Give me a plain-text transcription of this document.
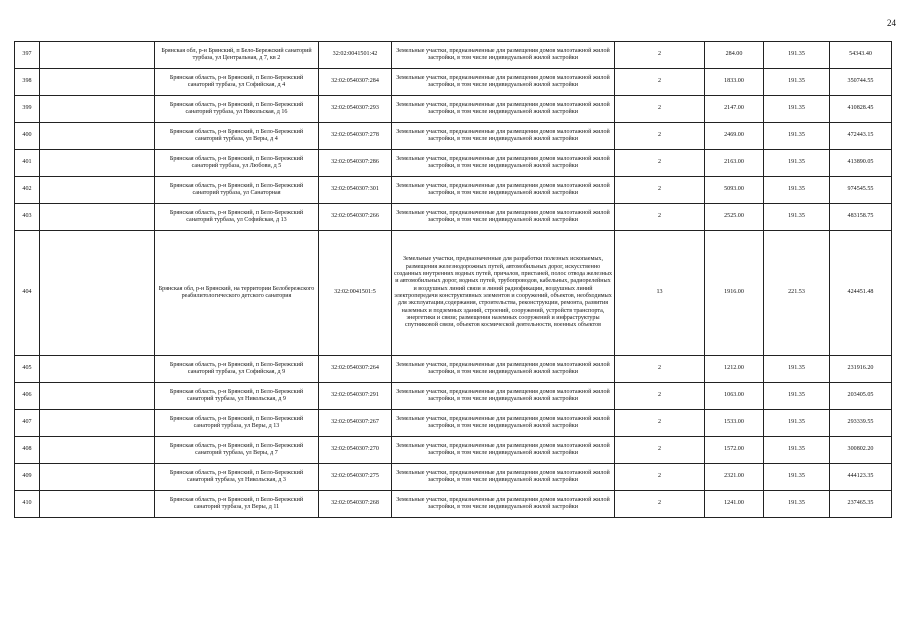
24
397		Брянская обл, р-н Брянский, п Бело-Бережский санаторий турбаза, ул Центральная, д 7, кв 2	32:02:0041501:42	Земельные участки, предназначенные для размещения домов малоэтажной жилой застройки, в том числе индивидуальной жилой застройки	2	284.00	191.35	54343.40
398		Брянская область, р-н Брянский, п Бело-Бережский санаторий турбаза, ул Софийская, д 4	32:02:0540307:284	Земельные участки, предназначенные для размещения домов малоэтажной жилой застройки, в том числе индивидуальной жилой застройки	2	1833.00	191.35	350744.55
399		Брянская область, р-н Брянский, п Бело-Бережский санаторий турбаза, ул Никольская, д 16	32:02:0540307:293	Земельные участки, предназначенные для размещения домов малоэтажной жилой застройки, в том числе индивидуальной жилой застройки	2	2147.00	191.35	410828.45
400		Брянская область, р-н Брянский, п Бело-Бережский санаторий турбаза, ул Веры, д 4	32:02:0540307:278	Земельные участки, предназначенные для размещения домов малоэтажной жилой застройки, в том числе индивидуальной жилой застройки	2	2469.00	191.35	472443.15
401		Брянская область, р-н Брянский, п Бело-Бережский санаторий турбаза, ул Любови, д 5	32:02:0540307:286	Земельные участки, предназначенные для размещения домов малоэтажной жилой застройки, в том числе индивидуальной жилой застройки	2	2163.00	191.35	413890.05
402		Брянская область, р-н Брянский, п Бело-Бережский санаторий турбаза, ул Санаторная	32:02:0540307:301	Земельные участки, предназначенные для размещения домов малоэтажной жилой застройки, в том числе индивидуальной жилой застройки	2	5093.00	191.35	974545.55
403		Брянская область, р-н Брянский, п Бело-Бережский санаторий турбаза, ул Софийская, д 13	32:02:0540307:266	Земельные участки, предназначенные для размещения домов малоэтажной жилой застройки, в том числе индивидуальной жилой застройки	2	2525.00	191.35	483158.75
404		Брянская обл, р-н Брянский, на территории Белобережского реабилитологического детского санатория	32:02:0041501:5	Земельные участки, предназначенные для разработки полезных ископаемых, размещения железнодорожных путей, автомобильных дорог, искусственно созданных внутренних водных путей, причалов, пристаней, полос отвода железных и автомобильных дорог, водных путей, трубопроводов, кабельных, радиорелейных и воздушных линий связи и линий радиофикации, воздушных линий электропередачи конструктивных элементов и сооружений, объектов, необходимых для эксплуатации,содержания, строительства, реконструкции, ремонта, развития наземных и подземных зданий, строений, сооружений, устройств транспорта, энергетики и связи; размещения наземных сооружений и инфраструктуры спутниковой связи, объектов космической деятельности, военных объектов	13	1916.00	221.53	424451.48
405		Брянская область, р-н Брянский, п Бело-Бережский санаторий турбаза, ул Софийская, д 9	32:02:0540307:264	Земельные участки, предназначенные для размещения домов малоэтажной жилой застройки, в том числе индивидуальной жилой застройки	2	1212.00	191.35	231916.20
406		Брянская область, р-н Брянский, п Бело-Бережский санаторий турбаза, ул Никольская, д 9	32:02:0540307:291	Земельные участки, предназначенные для размещения домов малоэтажной жилой застройки, в том числе индивидуальной жилой застройки	2	1063.00	191.35	203405.05
407		Брянская область, р-н Брянский, п Бело-Бережский санаторий турбаза, ул Веры, д 13	32:02:0540307:267	Земельные участки, предназначенные для размещения домов малоэтажной жилой застройки, в том числе индивидуальной жилой застройки	2	1533.00	191.35	293339.55
408		Брянская область, р-н Брянский, п Бело-Бережский санаторий турбаза, ул Веры, д 7	32:02:0540307:270	Земельные участки, предназначенные для размещения домов малоэтажной жилой застройки, в том числе индивидуальной жилой застройки	2	1572.00	191.35	300802.20
409		Брянская область, р-н Брянский, п Бело-Бережский санаторий турбаза, ул Никольская, д 3	32:02:0540307:275	Земельные участки, предназначенные для размещения домов малоэтажной жилой застройки, в том числе индивидуальной жилой застройки	2	2321.00	191.35	444123.35
410		Брянская область, р-н Брянский, п Бело-Бережский санаторий турбаза, ул Веры, д 11	32:02:0540307:268	Земельные участки, предназначенные для размещения домов малоэтажной жилой застройки, в том числе индивидуальной жилой застройки	2	1241.00	191.35	237465.35
